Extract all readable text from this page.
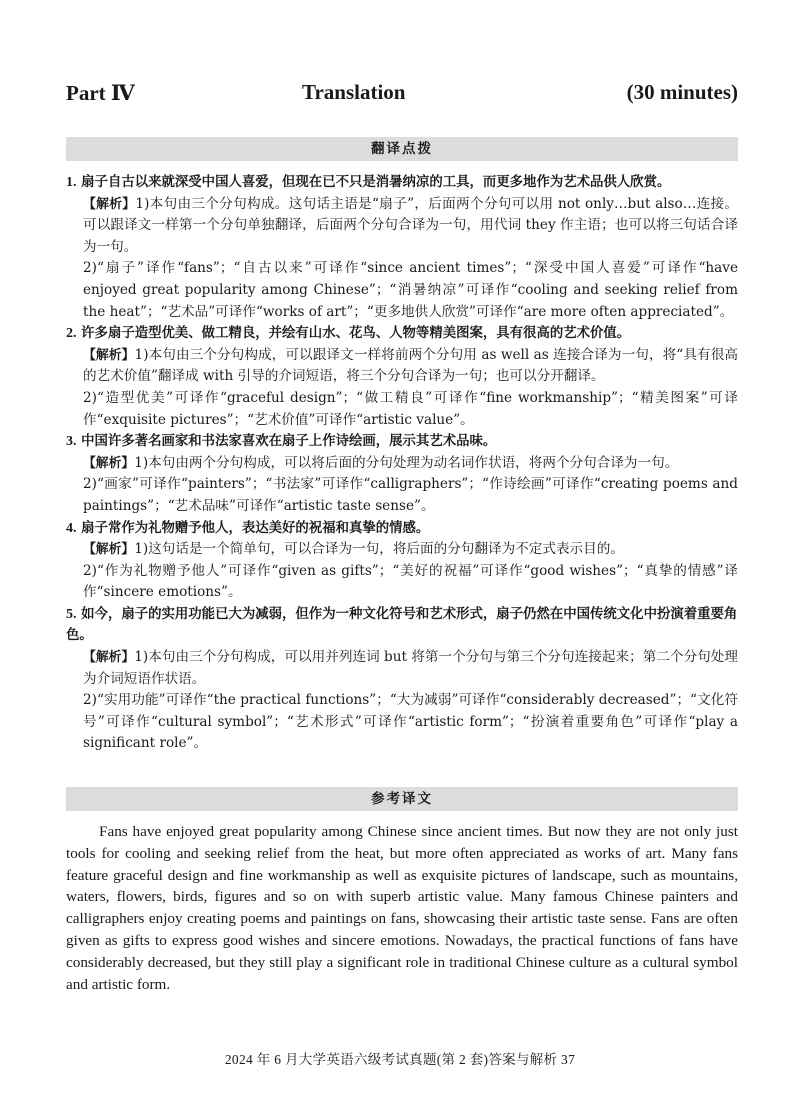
Part Ⅳ	Translation	(30 minutes)
翻译点拨
1. 扇子自古以来就深受中国人喜爱，但现在已不只是消暑纳凉的工具，而更多地作为艺术品供人欣赏。
【解析】1)本句由三个分句构成。这句话主语是“扇子”，后面两个分句可以用 not only…but also…连接。可以跟译文一样第一个分句单独翻译，后面两个分句合译为一句，用代词 they 作主语；也可以将三句话合译为一句。
2)“扇子”译作“fans”；“自古以来”可译作“since ancient times”；“深受中国人喜爱”可译作“have enjoyed great popularity among Chinese”；“消暑纳凉”可译作“cooling and seeking relief from the heat”；“艺术品”可译作“works of art”；“更多地供人欣赏”可译作“are more often appreciated”。
2. 许多扇子造型优美、做工精良，并绘有山水、花鸟、人物等精美图案，具有很高的艺术价值。
【解析】1)本句由三个分句构成，可以跟译文一样将前两个分句用 as well as 连接合译为一句，将“具有很高的艺术价值”翻译成 with 引导的介词短语，将三个分句合译为一句；也可以分开翻译。
2)“造型优美”可译作“graceful design”；“做工精良”可译作“fine workmanship”；“精美图案”可译作“exquisite pictures”；“艺术价值”可译作“artistic value”。
3. 中国许多著名画家和书法家喜欢在扇子上作诗绘画，展示其艺术品味。
【解析】1)本句由两个分句构成，可以将后面的分句处理为动名词作状语，将两个分句合译为一句。
2)“画家”可译作“painters”；“书法家”可译作“calligraphers”；“作诗绘画”可译作“creating poems and paintings”；“艺术品味”可译作“artistic taste sense”。
4. 扇子常作为礼物赠予他人，表达美好的祝福和真挚的情感。
【解析】1)这句话是一个简单句，可以合译为一句，将后面的分句翻译为不定式表示目的。
2)“作为礼物赠予他人”可译作“given as gifts”；“美好的祝福”可译作“good wishes”；“真挚的情感”译作“sincere emotions”。
5. 如今，扇子的实用功能已大为减弱，但作为一种文化符号和艺术形式，扇子仍然在中国传统文化中扮演着重要角色。
【解析】1)本句由三个分句构成，可以用并列连词 but 将第一个分句与第三个分句连接起来；第二个分句处理为介词短语作状语。
2)“实用功能”可译作“the practical functions”；“大为减弱”可译作“considerably decreased”；“文化符号”可译作“cultural symbol”；“艺术形式”可译作“artistic form”；“扮演着重要角色”可译作“play a significant role”。
参考译文

Fans have enjoyed great popularity among Chinese since ancient times. But now they are not only just tools for cooling and seeking relief from the heat, but more often appreciated as works of art. Many fans feature graceful design and fine workmanship as well as exquisite pictures of landscape, such as mountains, waters, flowers, birds, figures and so on with superb artistic value. Many famous Chinese painters and calligraphers enjoy creating poems and paintings on fans, showcasing their artistic taste sense. Fans are often given as gifts to express good wishes and sincere emotions. Nowadays, the practical functions of fans have considerably decreased, but they still play a significant role in traditional Chinese culture as a cultural symbol and artistic form.

2024 年 6 月大学英语六级考试真题(第 2 套)答案与解析 37
